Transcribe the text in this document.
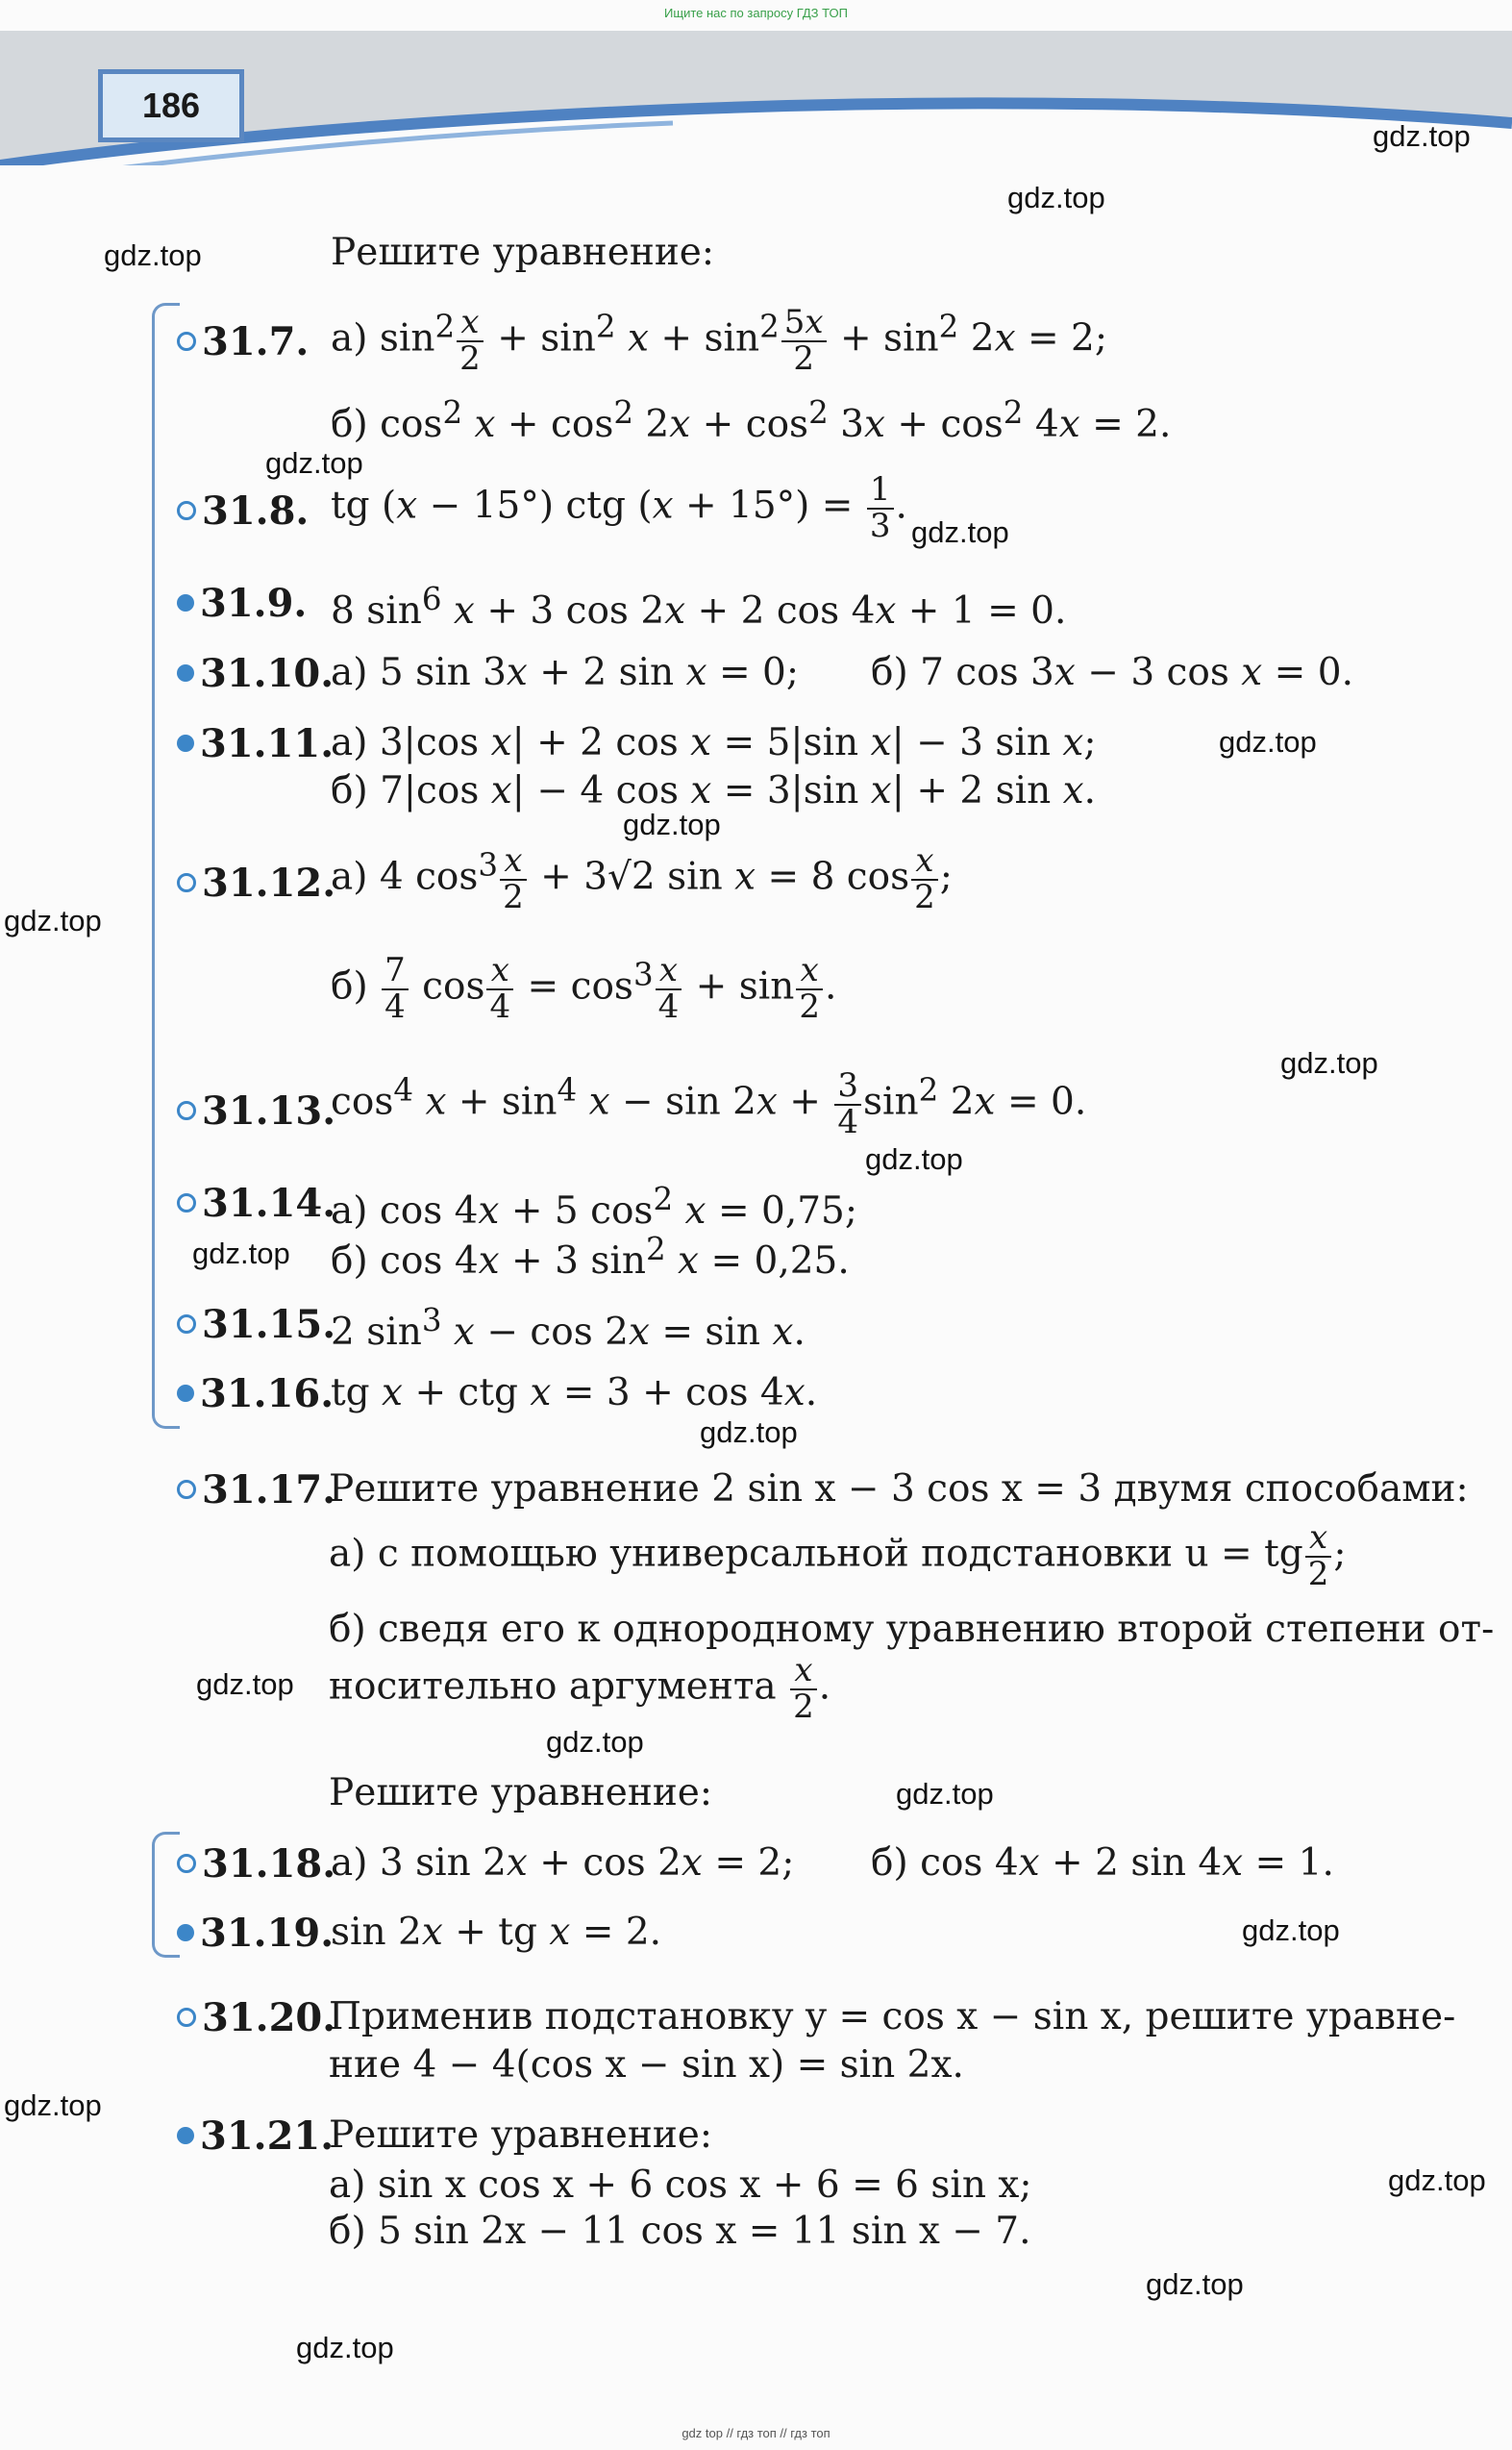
Ищите нас по запросу ГДЗ ТОП
186

Решите уравнение:
31.7. а) $\sin^2 \frac{x}{2} + \sin^2 x + \sin^2 \frac{5x}{2} + \sin^2 2x = 2$;
б) $\cos^2 x + \cos^2 2x + \cos^2 3x + \cos^2 4x = 2$.
31.8. tg (x − 15°) ctg $(x + 15^\circ) = \frac{1}{3}$ .
31.9. 8 $\sin^6 x + 3$ cos 2x + 2 cos 4x + 1 = 0.
31.10.
а) 5 sin 3x + 2 sin x = 0; б) 7 cos 3x − 3 cos x = 0.
31.11.
а) 3|cos x| + 2 cos x = 5|sin x| − 3 sin x;
б) 7|cos x| − 4 cos x = 3|sin x| + 2 sin x.
31.12.
а) 4 $\cos^3 \frac{x}{2} + 3√2$ sin x = 8 $\cos \frac{x}{2}$ ;
$б) \frac{7}{4}$ $\cos \frac{x}{4} = \cos^3 \frac{x}{4} + \sin \frac{x}{2}$ .
31.13.
$\cos^4 x + \sin^4 x - \sin 2x + \frac{3}{4} \sin^2 2x = 0$.
31.14.
а) cos 4x + 5 $\cos^2 x = 0,75$;
б) cos 4x + 3 $\sin^2 x = 0,25$.
31.15.
2 $\sin^3 x - \cos 2x = \sin x$.
31.16.
tg x + ctg x = 3 + cos 4x.
31.17.
Решите уравнение 2 sin x − 3 cos x = 3 двумя способами:
а) с помощью универсальной подстановки u = tg $\frac{x}{2}$ ;
б) сведя его к однородному уравнению второй степени от-
носительно аргумента $\frac{x}{2}$ .
Решите уравнение:
31.18.
а) 3 sin 2x + cos 2x = 2; б) cos 4x + 2 sin 4x = 1.
31.19.
sin 2x + tg x = 2.
31.20.
Применив подстановку y = cos x − sin x, решите уравне-
ние 4 − 4(cos x − sin x) = sin 2x.
31.21.
Решите уравнение:
а) sin x cos x + 6 cos x + 6 = 6 sin x;
б) 5 sin 2x − 11 cos x = 11 sin x − 7.
gdz.top
gdz.top
gdz.top
gdz.top
gdz.top
gdz.top
gdz.top
gdz.top
gdz.top
gdz.top
gdz.top
gdz.top
gdz.top
gdz.top
gdz.top
gdz.top
gdz.top
gdz.top
gdz.top
gdz.top
gdz top // гдз топ // гдз топ
